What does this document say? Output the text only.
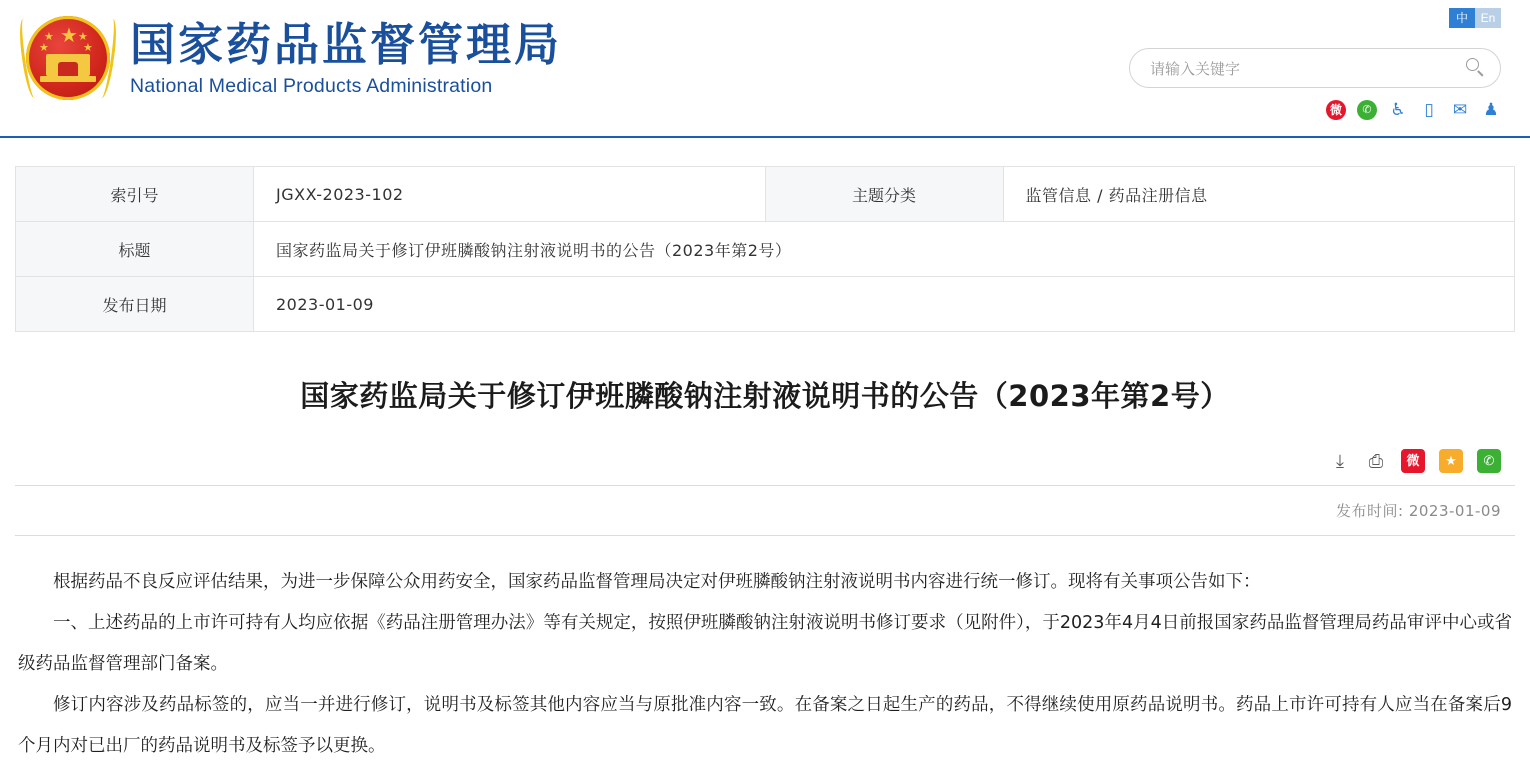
★
★ ★
★	★ 国家药品监督管理局
National Medical Products Administration
中	En
请输入关键字
微	✆	♿	▯	✉ ♟
索引号	JGXX-2023-102	主题分类	监管信息 / 药品注册信息
标题	国家药监局关于修订伊班膦酸钠注射液说明书的公告（2023年第2号）		
发布日期	2023-01-09		
国家药监局关于修订伊班膦酸钠注射液说明书的公告（2023年第2号）
⤓	⎙	微	★	✆
发布时间: 2023-01-09

根据药品不良反应评估结果，为进一步保障公众用药安全，国家药品监督管理局决定对伊班膦酸钠注射液说明书内容进行统一修订。现将有关事项公告如下：

一、上述药品的上市许可持有人均应依据《药品注册管理办法》等有关规定，按照伊班膦酸钠注射液说明书修订要求（见附件），于2023年4月4日前报国家药品监督管理局药品审评中心或省级药品监督管理部门备案。

修订内容涉及药品标签的，应当一并进行修订，说明书及标签其他内容应当与原批准内容一致。在备案之日起生产的药品，不得继续使用原药品说明书。药品上市许可持有人应当在备案后9个月内对已出厂的药品说明书及标签予以更换。
